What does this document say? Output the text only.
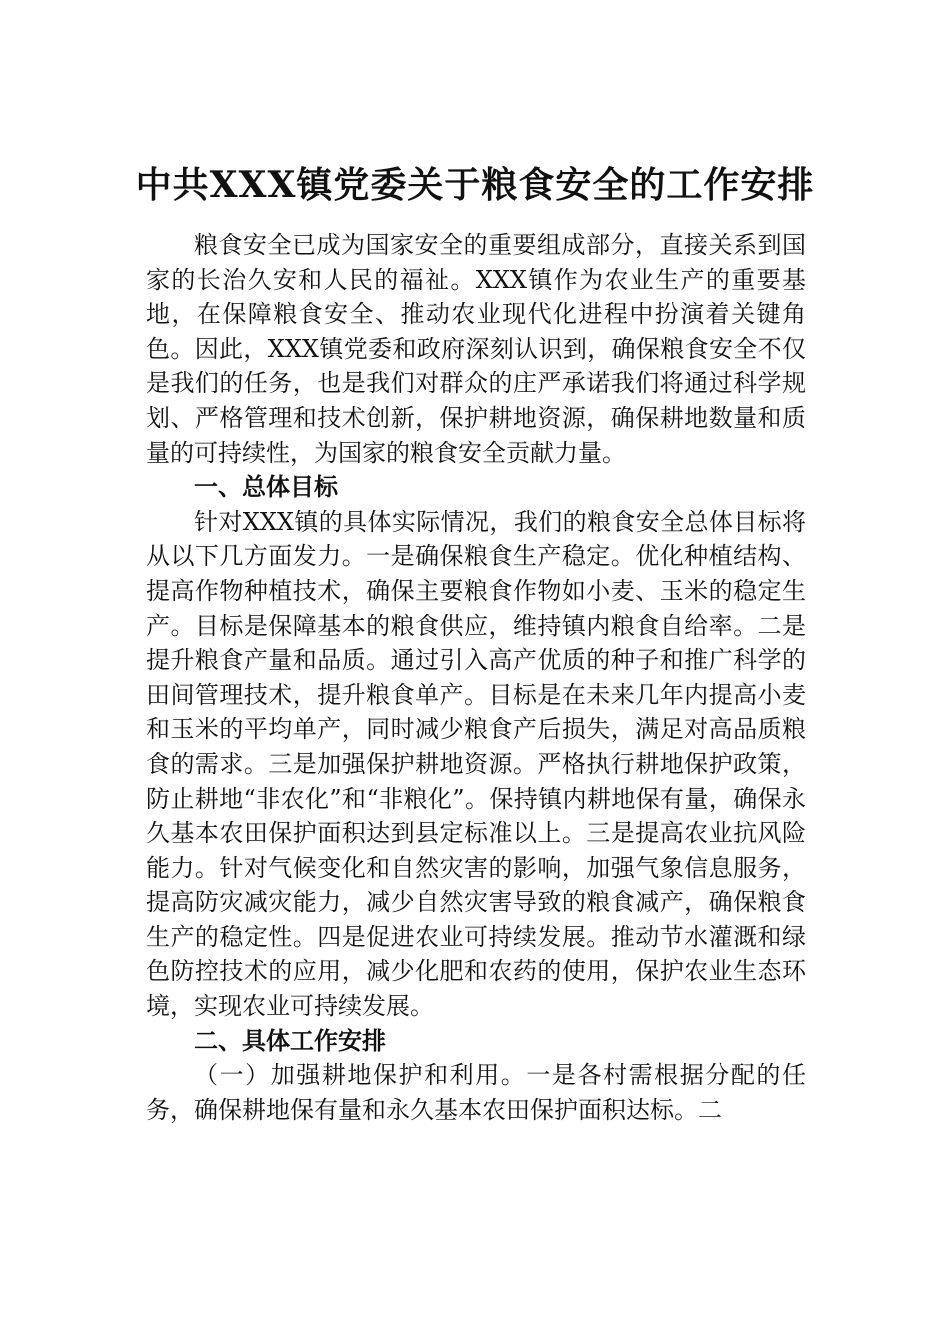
中共XXX镇党委关于粮食安全的工作安排

粮食安全已成为国家安全的重要组成部分，直接关系到国家的长治久安和人民的福祉。XXX镇作为农业生产的重要基地，在保障粮食安全、推动农业现代化进程中扮演着关键角色。因此，XXX镇党委和政府深刻认识到，确保粮食安全不仅是我们的任务，也是我们对群众的庄严承诺我们将通过科学规划、严格管理和技术创新，保护耕地资源，确保耕地数量和质量的可持续性，为国家的粮食安全贡献力量。

一、总体目标

针对XXX镇的具体实际情况，我们的粮食安全总体目标将从以下几方面发力。一是确保粮食生产稳定。优化种植结构、提高作物种植技术，确保主要粮食作物如小麦、玉米的稳定生产。目标是保障基本的粮食供应，维持镇内粮食自给率。二是提升粮食产量和品质。通过引入高产优质的种子和推广科学的田间管理技术，提升粮食单产。目标是在未来几年内提高小麦和玉米的平均单产，同时减少粮食产后损失，满足对高品质粮食的需求。三是加强保护耕地资源。严格执行耕地保护政策，防止耕地“非农化”和“非粮化”。保持镇内耕地保有量，确保永久基本农田保护面积达到县定标准以上。三是提高农业抗风险能力。针对气候变化和自然灾害的影响，加强气象信息服务，提高防灾减灾能力，减少自然灾害导致的粮食减产，确保粮食生产的稳定性。四是促进农业可持续发展。推动节水灌溉和绿色防控技术的应用，减少化肥和农药的使用，保护农业生态环境，实现农业可持续发展。

二、具体工作安排

（一）加强耕地保护和利用。一是各村需根据分配的任务，确保耕地保有量和永久基本农田保护面积达标。二
